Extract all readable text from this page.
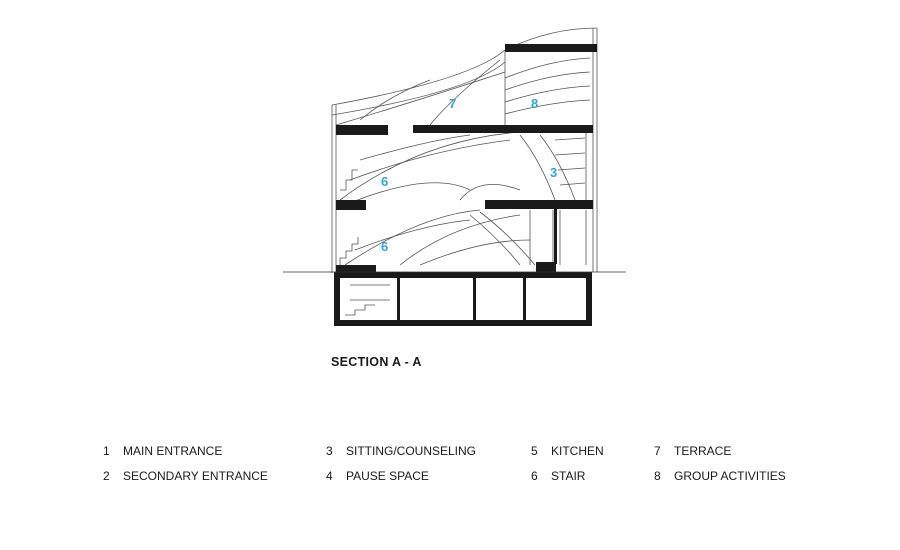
7	8
6
3
6
SECTION A - A
1 MAIN ENTRANCE
2 SECONDARY ENTRANCE
3 SITTING/COUNSELING
4 PAUSE SPACE
5 KITCHEN
6 STAIR
7 TERRACE
8 GROUP ACTIVITIES
